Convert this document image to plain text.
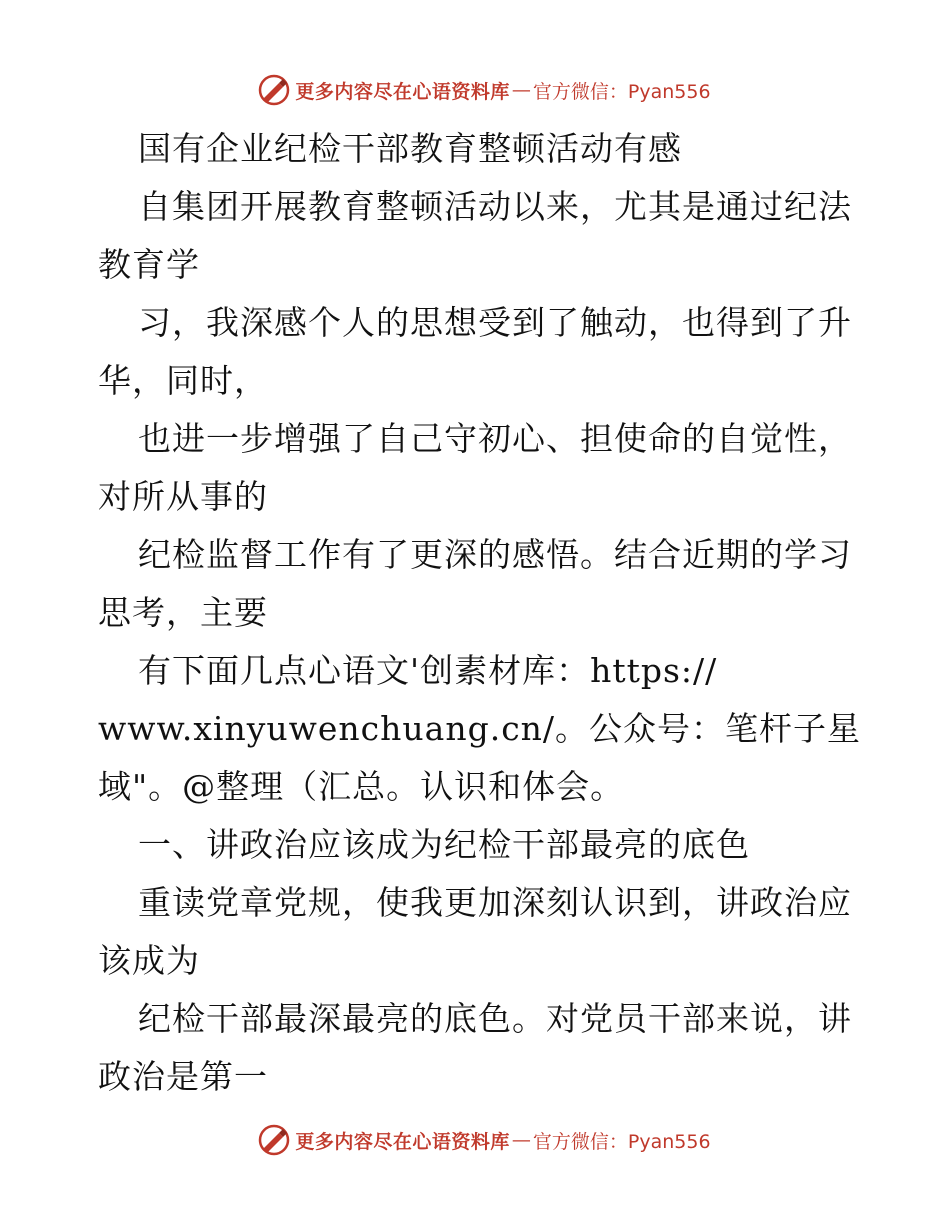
更多内容尽在心语资料库 — 官方微信：Pyan556
国有企业纪检干部教育整顿活动有感
自集团开展教育整顿活动以来，尤其是通过纪法
教育学
习，我深感个人的思想受到了触动，也得到了升
华，同时，
也进一步增强了自己守初心、担使命的自觉性，
对所从事的
纪检监督工作有了更深的感悟。结合近期的学习
思考，主要
有下面几点心语文'创素材库：https://
www.xinyuwenchuang.cn/。公众号：笔杆子星
域"。@整理（汇总。认识和体会。
一、讲政治应该成为纪检干部最亮的底色
重读党章党规，使我更加深刻认识到，讲政治应
该成为
纪检干部最深最亮的底色。对党员干部来说，讲
政治是第一
更多内容尽在心语资料库 — 官方微信：Pyan556
